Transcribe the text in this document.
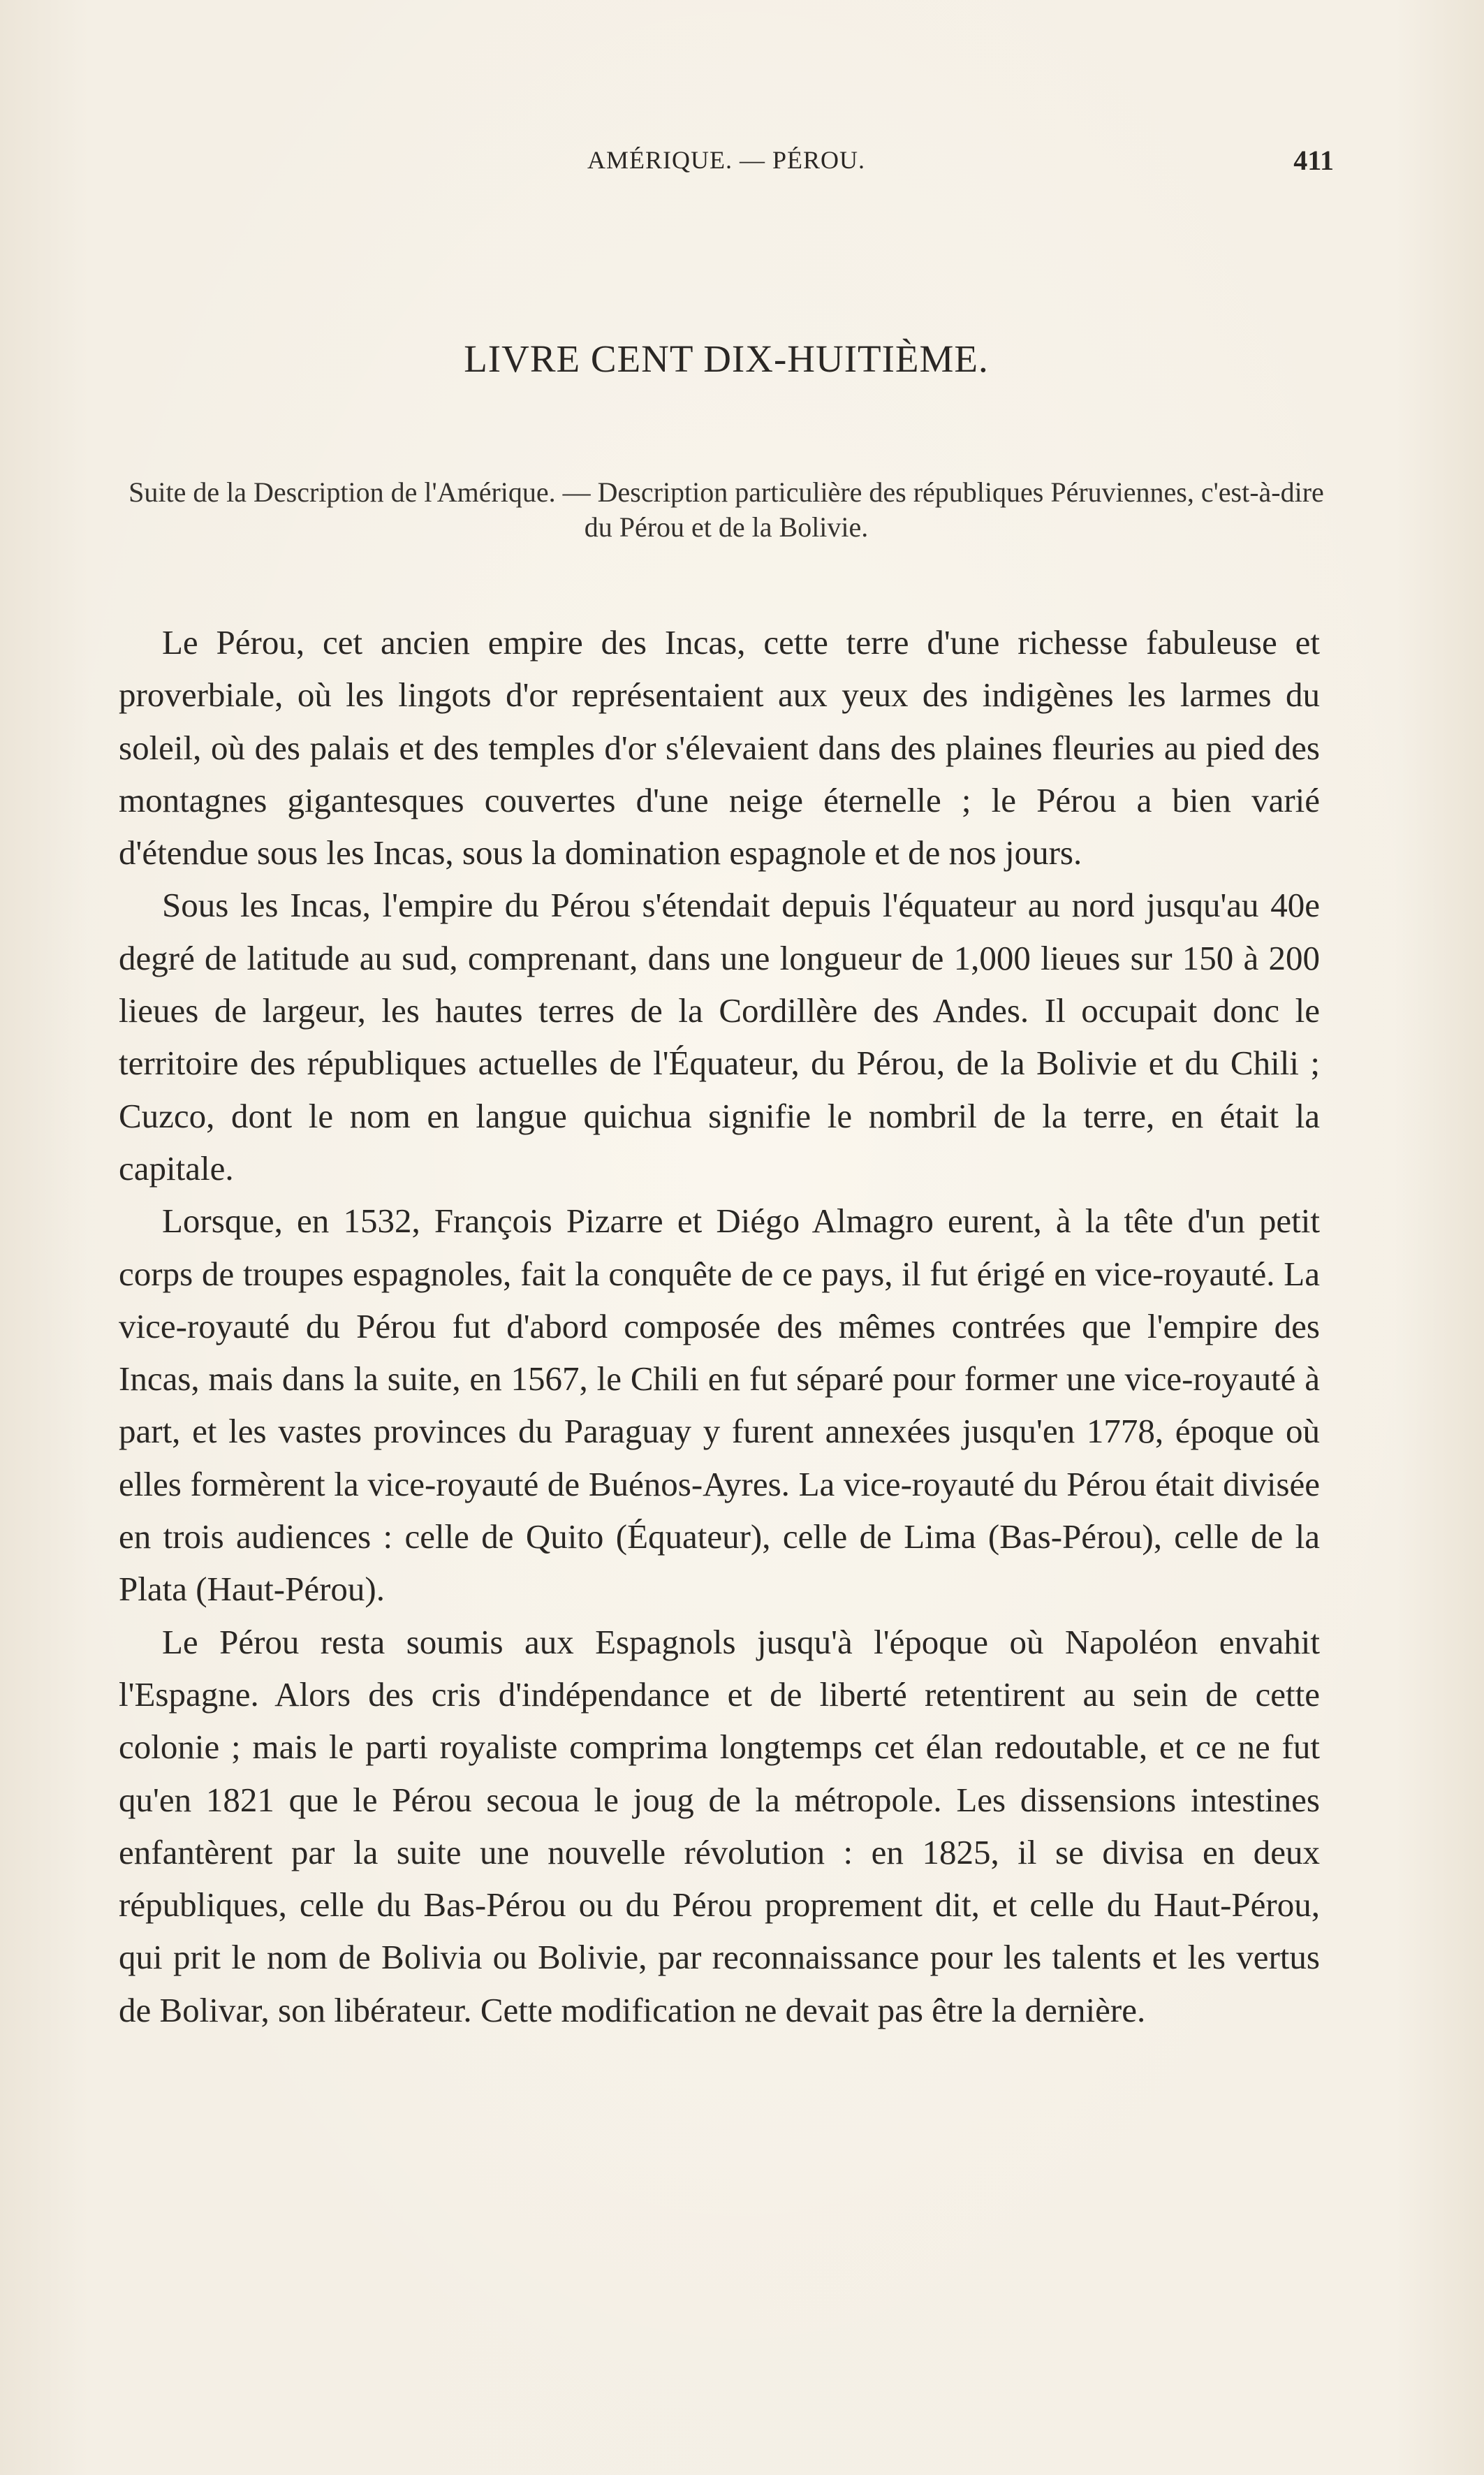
AMÉRIQUE. — PÉROU.	411
LIVRE CENT DIX-HUITIÈME.
Suite de la Description de l'Amérique. — Description particulière des républiques Péruviennes, c'est-à-dire du Pérou et de la Bolivie.

Le Pérou, cet ancien empire des Incas, cette terre d'une richesse fabuleuse et proverbiale, où les lingots d'or représentaient aux yeux des indigènes les larmes du soleil, où des palais et des temples d'or s'élevaient dans des plaines fleuries au pied des montagnes gigantesques couvertes d'une neige éternelle ; le Pérou a bien varié d'étendue sous les Incas, sous la domination espagnole et de nos jours.

Sous les Incas, l'empire du Pérou s'étendait depuis l'équateur au nord jusqu'au 40e degré de latitude au sud, comprenant, dans une longueur de 1,000 lieues sur 150 à 200 lieues de largeur, les hautes terres de la Cordillère des Andes. Il occupait donc le territoire des républiques actuelles de l'Équateur, du Pérou, de la Bolivie et du Chili ; Cuzco, dont le nom en langue quichua signifie le nombril de la terre, en était la capitale.

Lorsque, en 1532, François Pizarre et Diégo Almagro eurent, à la tête d'un petit corps de troupes espagnoles, fait la conquête de ce pays, il fut érigé en vice-royauté. La vice-royauté du Pérou fut d'abord composée des mêmes contrées que l'empire des Incas, mais dans la suite, en 1567, le Chili en fut séparé pour former une vice-royauté à part, et les vastes provinces du Paraguay y furent annexées jusqu'en 1778, époque où elles formèrent la vice-royauté de Buénos-Ayres. La vice-royauté du Pérou était divisée en trois audiences : celle de Quito (Équateur), celle de Lima (Bas-Pérou), celle de la Plata (Haut-Pérou).

Le Pérou resta soumis aux Espagnols jusqu'à l'époque où Napoléon envahit l'Espagne. Alors des cris d'indépendance et de liberté retentirent au sein de cette colonie ; mais le parti royaliste comprima longtemps cet élan redoutable, et ce ne fut qu'en 1821 que le Pérou secoua le joug de la métropole. Les dissensions intestines enfantèrent par la suite une nouvelle révolution : en 1825, il se divisa en deux républiques, celle du Bas-Pérou ou du Pérou proprement dit, et celle du Haut-Pérou, qui prit le nom de Bolivia ou Bolivie, par reconnaissance pour les talents et les vertus de Bolivar, son libérateur. Cette modification ne devait pas être la dernière.
